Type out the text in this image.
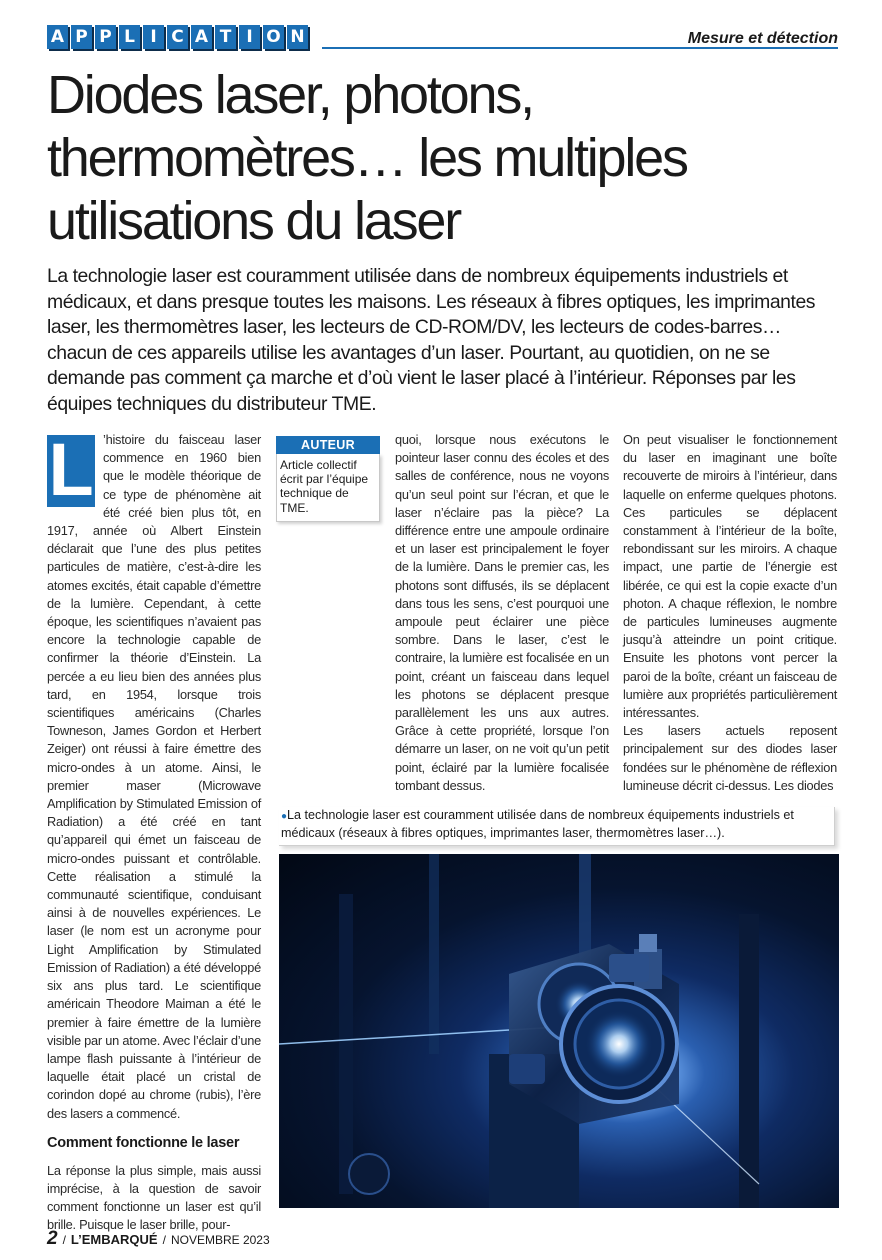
A P P L I C A T I O N	Mesure et détection
Diodes laser, photons, thermomètres… les multiples utilisations du laser

La technologie laser est couramment utilisée dans de nombreux équipements industriels et médicaux, et dans presque toutes les maisons. Les réseaux à fibres optiques, les imprimantes laser, les thermomètres laser, les lecteurs de CD-ROM/DV, les lecteurs de codes-barres… chacun de ces appareils utilise les avantages d’un laser. Pourtant, au quotidien, on ne se demande pas comment ça marche et d’où vient le laser placé à l’intérieur. Réponses par les équipes techniques du distributeur TME.

L ’histoire du faisceau laser commence en 1960 bien que le modèle théorique de ce type de phénomène ait été créé bien plus tôt, en 1917, année où Albert Einstein déclarait que l’une des plus petites particules de matière, c’est-à-dire les atomes excités, était capable d’émettre de la lumière. Cependant, à cette époque, les scientifiques n’avaient pas encore la technologie capable de confirmer la théorie d’Einstein. La percée a eu lieu bien des années plus tard, en 1954, lorsque trois scientifiques américains (Charles Towneson, James Gordon et Herbert Zeiger) ont réussi à faire émettre des micro-ondes à un atome. Ainsi, le premier maser (Microwave Amplification by Stimulated Emission of Radiation) a été créé en tant qu’appareil qui émet un faisceau de micro-ondes puissant et contrôlable. Cette réalisation a stimulé la communauté scientifique, conduisant ainsi à de nouvelles expériences. Le laser (le nom est un acronyme pour Light Amplification by Stimulated Emission of Radiation) a été développé six ans plus tard. Le scientifique américain Theodore Maiman a été le premier à faire émettre de la lumière visible par un atome. Avec l’éclair d’une lampe flash puissante à l’intérieur de laquelle était placé un cristal de corindon dopé au chrome (rubis), l’ère des lasers a commencé.

Comment fonctionne le laser

La réponse la plus simple, mais aussi imprécise, à la question de savoir comment fonctionne un laser est qu’il brille. Puisque le laser brille, pour-

AUTEUR
Article collectif écrit par l’équipe technique de TME.

quoi, lorsque nous exécutons le pointeur laser connu des écoles et des salles de conférence, nous ne voyons qu’un seul point sur l’écran, et que le laser n’éclaire pas la pièce? La différence entre une ampoule ordinaire et un laser est principalement le foyer de la lumière. Dans le premier cas, les photons sont diffusés, ils se déplacent dans tous les sens, c’est pourquoi une ampoule peut éclairer une pièce sombre. Dans le laser, c’est le contraire, la lumière est focalisée en un point, créant un faisceau dans lequel les photons se déplacent presque parallèlement les uns aux autres. Grâce à cette propriété, lorsque l’on démarre un laser, on ne voit qu’un petit point, éclairé par la lumière focalisée tombant dessus.

On peut visualiser le fonctionnement du laser en imaginant une boîte recouverte de miroirs à l’intérieur, dans laquelle on enferme quelques photons. Ces particules se déplacent constamment à l’intérieur de la boîte, rebondissant sur les miroirs. A chaque impact, une partie de l’énergie est libérée, ce qui est la copie exacte d’un photon. A chaque réflexion, le nombre de particules lumineuses augmente jusqu’à atteindre un point critique. Ensuite les photons vont percer la paroi de la boîte, créant un faisceau de lumière aux propriétés particulièrement intéressantes.

Les lasers actuels reposent principalement sur des diodes laser fondées sur le phénomène de réflexion lumineuse décrit ci-dessus. Les diodes

●La technologie laser est couramment utilisée dans de nombreux équipements industriels et médicaux (réseaux à fibres optiques, imprimantes laser, thermomètres laser…).
2 / L’EMBARQUÉ / NOVEMBRE 2023
